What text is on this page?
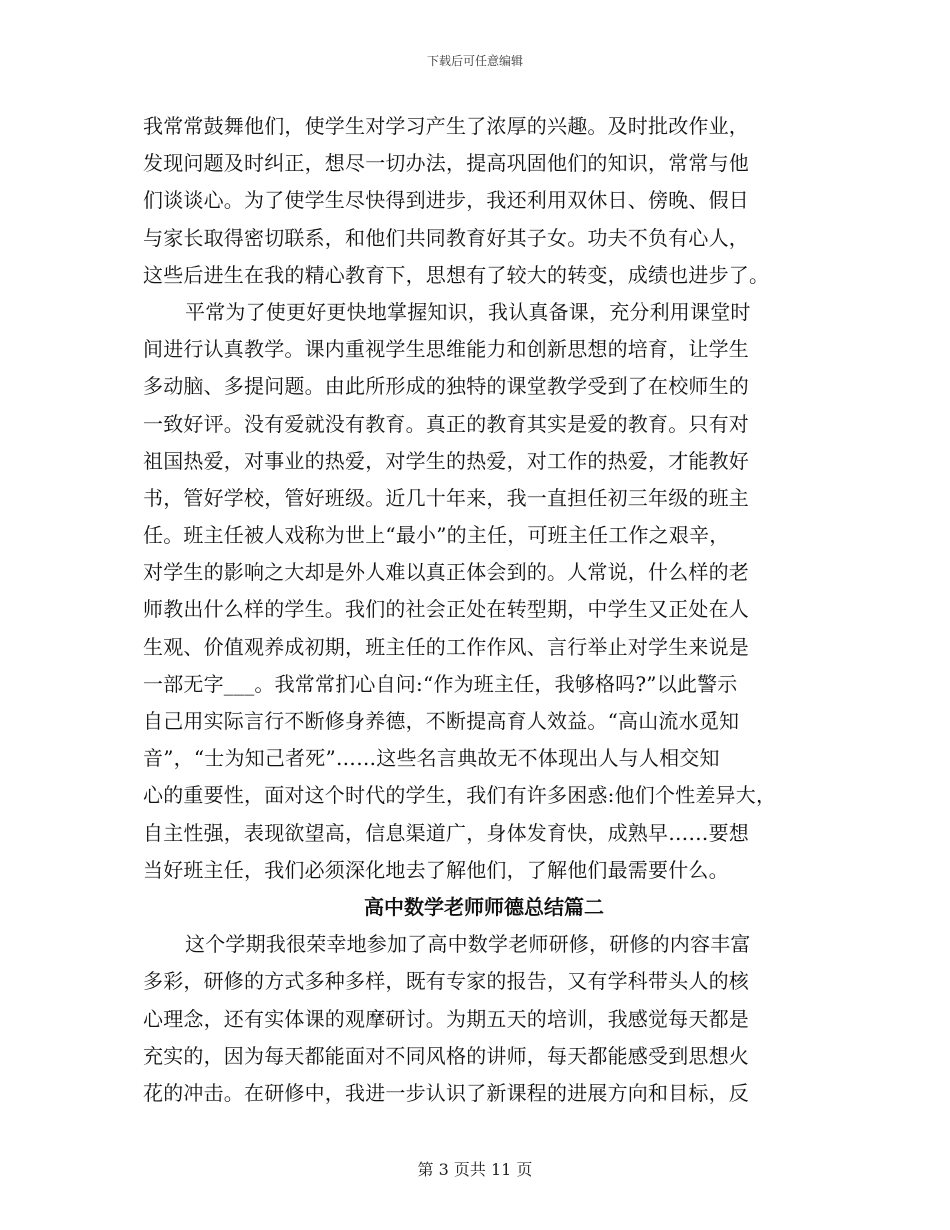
下载后可任意编辑
我常常鼓舞他们，使学生对学习产生了浓厚的兴趣。及时批改作业，
发现问题及时纠正，想尽一切办法，提高巩固他们的知识，常常与他
们谈谈心。为了使学生尽快得到进步，我还利用双休日、傍晚、假日
与家长取得密切联系，和他们共同教育好其子女。功夫不负有心人，
这些后进生在我的精心教育下，思想有了较大的转变，成绩也进步了。
平常为了使更好更快地掌握知识，我认真备课，充分利用课堂时
间进行认真教学。课内重视学生思维能力和创新思想的培育，让学生
多动脑、多提问题。由此所形成的独特的课堂教学受到了在校师生的
一致好评。没有爱就没有教育。真正的教育其实是爱的教育。只有对
祖国热爱，对事业的热爱，对学生的热爱，对工作的热爱，才能教好
书，管好学校，管好班级。近几十年来，我一直担任初三年级的班主
任。班主任被人戏称为世上“最小”的主任，可班主任工作之艰辛，
对学生的影响之大却是外人难以真正体会到的。人常说，什么样的老
师教出什么样的学生。我们的社会正处在转型期，中学生又正处在人
生观、价值观养成初期，班主任的工作作风、言行举止对学生来说是
一部无字___。我常常扪心自问:“作为班主任，我够格吗?”以此警示
自己用实际言行不断修身养德，不断提高育人效益。“高山流水觅知
音”，“士为知己者死”……这些名言典故无不体现出人与人相交知
心的重要性，面对这个时代的学生，我们有许多困惑:他们个性差异大，
自主性强，表现欲望高，信息渠道广，身体发育快，成熟早……要想
当好班主任，我们必须深化地去了解他们，了解他们最需要什么。
高中数学老师师德总结篇二
这个学期我很荣幸地参加了高中数学老师研修，研修的内容丰富
多彩，研修的方式多种多样，既有专家的报告，又有学科带头人的核
心理念，还有实体课的观摩研讨。为期五天的培训，我感觉每天都是
充实的，因为每天都能面对不同风格的讲师，每天都能感受到思想火
花的冲击。在研修中，我进一步认识了新课程的进展方向和目标，反
第 3 页共 11 页
